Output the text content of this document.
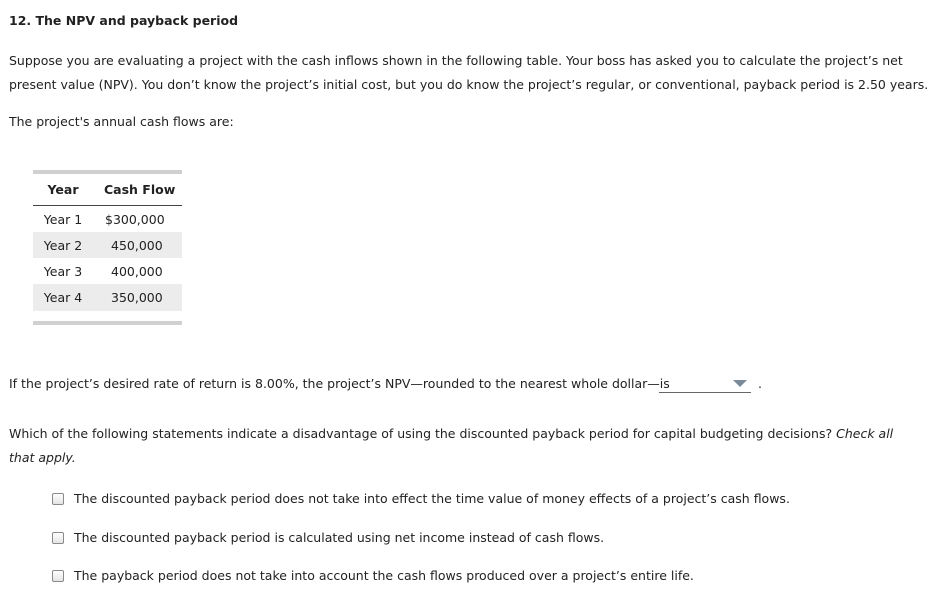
12. The NPV and payback period
Suppose you are evaluating a project with the cash inflows shown in the following table. Your boss has asked you to calculate the project’s net present value (NPV). You don’t know the project’s initial cost, but you do know the project’s regular, or conventional, payback period is 2.50 years.
The project's annual cash flows are:
Year	Cash Flow
Year 1	$300,000
Year 2	450,000
Year 3	400,000
Year 4	350,000

If the project’s desired rate of return is 8.00%, the project’s NPV—rounded to the nearest whole dollar—is	.
Which of the following statements indicate a disadvantage of using the discounted payback period for capital budgeting decisions? Check all that apply.
The discounted payback period does not take into effect the time value of money effects of a project’s cash flows.
The discounted payback period is calculated using net income instead of cash flows.
The payback period does not take into account the cash flows produced over a project’s entire life.
